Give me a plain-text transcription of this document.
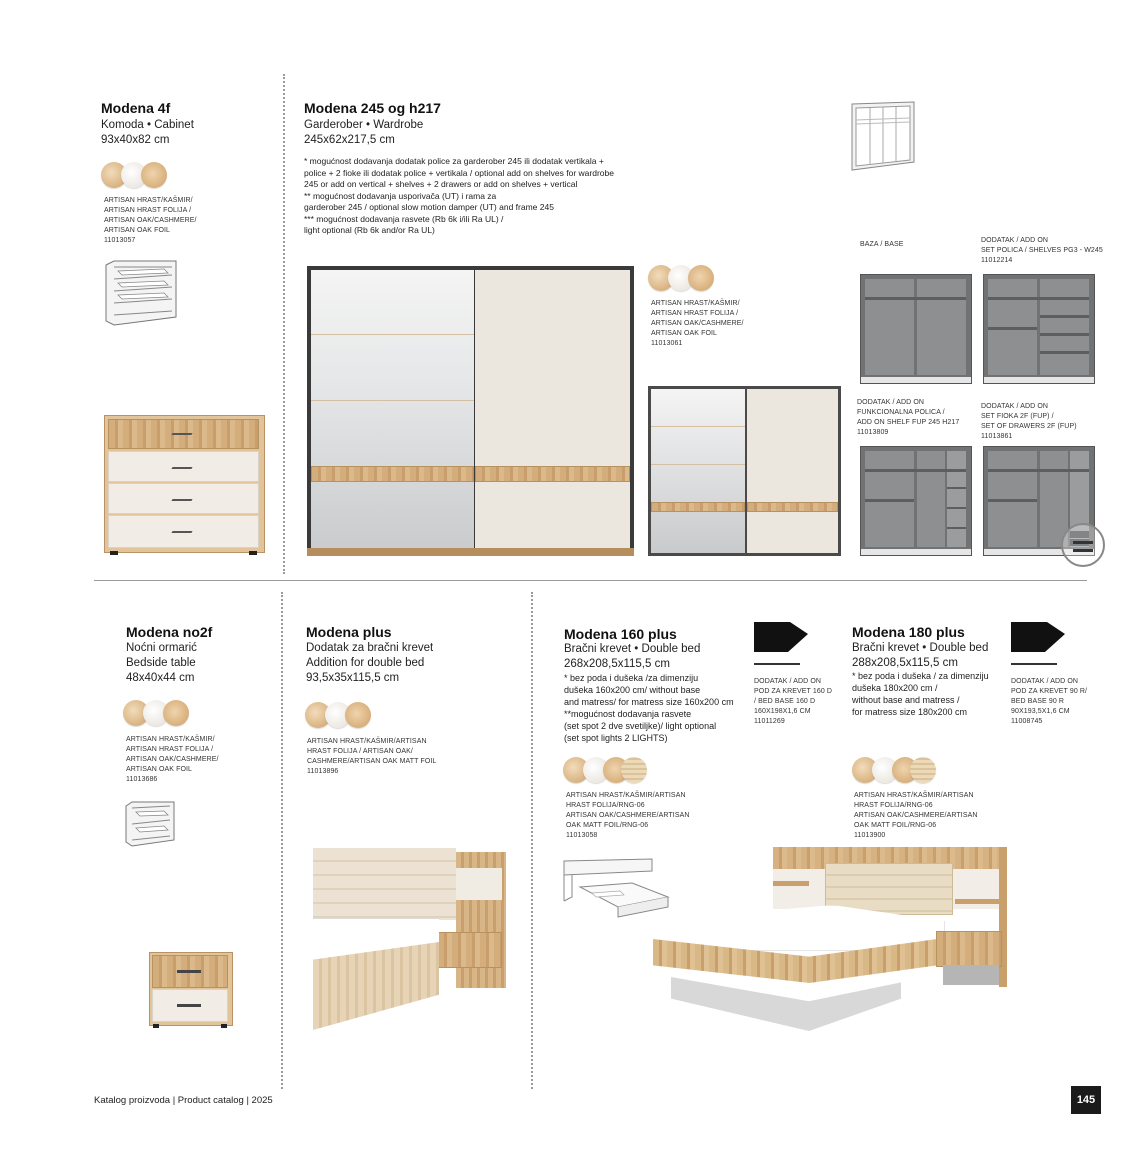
Modena 4f
Komoda • Cabinet
93x40x82 cm
ARTISAN HRAST/KAŠMIR/
ARTISAN HRAST FOLIJA /
ARTISAN OAK/CASHMERE/
ARTISAN OAK FOIL
11013057
Modena 245 og h217
Garderober • Wardrobe
245x62x217,5 cm
* mogućnost dodavanja dodatak police za garderober 245 ili dodatak vertikala +
police + 2 fioke ili dodatak police + vertikala / optional add on shelves for wardrobe
245 or add on vertical + shelves + 2 drawers or add on shelves + vertical
** mogućnost dodavanja usporivača (UT) i rama za
garderober 245 / optional slow motion damper (UT) and frame 245
*** mogućnost dodavanja rasvete (Rb 6k i/ili Ra UL) /
light optional (Rb 6k and/or Ra UL)
ARTISAN HRAST/KAŠMIR/
ARTISAN HRAST FOLIJA /
ARTISAN OAK/CASHMERE/
ARTISAN OAK FOIL
11013061
BAZA / BASE
DODATAK / ADD ON
SET POLICA / SHELVES PG3 - W245
11012214
DODATAK / ADD ON
FUNKCIONALNA POLICA /
ADD ON SHELF FUP 245 H217
11013809
DODATAK / ADD ON
SET FIOKA 2F (FUP) /
SET OF DRAWERS 2F (FUP)
11013861
Modena no2f
Noćni ormarić
Bedside table
48x40x44 cm
ARTISAN HRAST/KAŠMIR/
ARTISAN HRAST FOLIJA /
ARTISAN OAK/CASHMERE/
ARTISAN OAK FOIL
11013686
Modena plus
Dodatak za bračni krevet
Addition for double bed
93,5x35x115,5 cm
ARTISAN HRAST/KAŠMIR/ARTISAN
HRAST FOLIJA / ARTISAN OAK/
CASHMERE/ARTISAN OAK MATT FOIL
11013896
Modena 160 plus
Bračni krevet • Double bed
268x208,5x115,5 cm
* bez poda i dušeka /za dimenziju
dušeka 160x200 cm/ without base
and matress/ for matress size 160x200 cm
**mogućnost dodavanja rasvete
(set spot 2 dve svetiljke)/ light optional
(set spot lights 2 LIGHTS)
DODATAK / ADD ON
POD ZA KREVET 160 D
/ BED BASE 160 D
160X198X1,6 CM
11011269
ARTISAN HRAST/KAŠMIR/ARTISAN
HRAST FOLIJA/RNG-06
ARTISAN OAK/CASHMERE/ARTISAN
OAK MATT FOIL/RNG-06
11013058
Modena 180 plus
Bračni krevet • Double bed
288x208,5x115,5 cm
* bez poda i dušeka / za dimenziju
dušeka 180x200 cm /
without base and matress /
for matress size 180x200 cm
DODATAK / ADD ON
POD ZA KREVET 90 R/
BED BASE 90 R
90X193,5X1,6 CM
11008745
ARTISAN HRAST/KAŠMIR/ARTISAN
HRAST FOLIJA/RNG-06
ARTISAN OAK/CASHMERE/ARTISAN
OAK MATT FOIL/RNG-06
11013900
Katalog proizvoda | Product catalog | 2025	145
